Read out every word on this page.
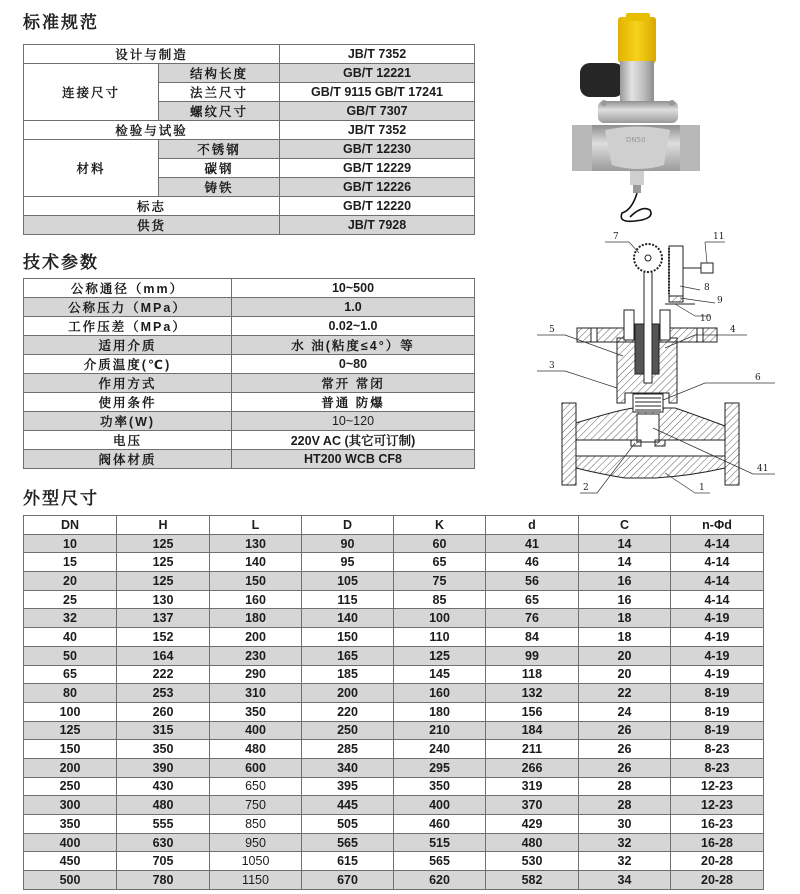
标准规范
设计与制造		JB/T 7352
连接尺寸	结构长度	GB/T 12221
	法兰尺寸	GB/T 9115 GB/T 17241
	螺纹尺寸	GB/T 7307
检验与试验		JB/T 7352
材料	不锈钢	GB/T 12230
	碳钢	GB/T 12229
	铸铁	GB/T 12226
标志		GB/T 12220
供货		JB/T 7928
DN50
技术参数
公称通径（mm）	10~500
公称压力（MPa）	1.0
工作压差（MPa）	0.02~1.0
适用介质	水 油(粘度≤4°）等
介质温度(℃)	0~80
作用方式	常开 常闭
使用条件	普通 防爆
功率(W)	10~120
电压	220V AC (其它可订制)
阀体材质	HT200 WCB CF8
7	11
8
9
10
5	4
3
6
41
2	1
外型尺寸
DN	H	L	D	K	d	C	n-Φd
10	125	130	90	60	41	14	4-14
15	125	140	95	65	46	14	4-14
20	125	150	105	75	56	16	4-14
25	130	160	115	85	65	16	4-14
32	137	180	140	100	76	18	4-19
40	152	200	150	110	84	18	4-19
50	164	230	165	125	99	20	4-19
65	222	290	185	145	118	20	4-19
80	253	310	200	160	132	22	8-19
100	260	350	220	180	156	24	8-19
125	315	400	250	210	184	26	8-19
150	350	480	285	240	211	26	8-23
200	390	600	340	295	266	26	8-23
250	430	650	395	350	319	28	12-23
300	480	750	445	400	370	28	12-23
350	555	850	505	460	429	30	16-23
400	630	950	565	515	480	32	16-28
450	705	1050	615	565	530	32	20-28
500	780	1150	670	620	582	34	20-28
